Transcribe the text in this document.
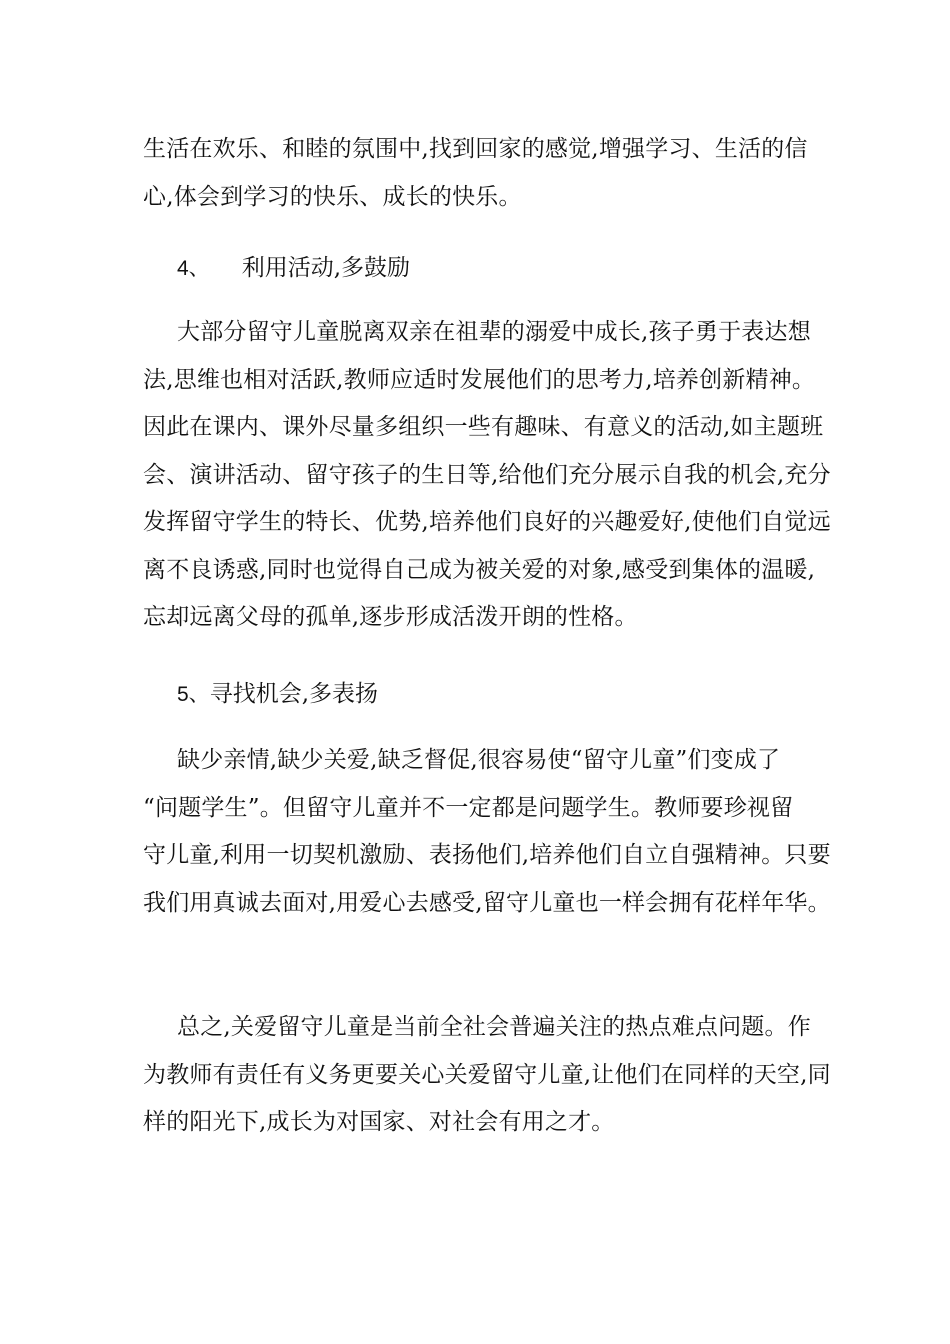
生活在欢乐、和睦的氛围中,找到回家的感觉,增强学习、生活的信
心,体会到学习的快乐、成长的快乐。

4、 利用活动,多鼓励

大部分留守儿童脱离双亲在祖辈的溺爱中成长,孩子勇于表达想
法,思维也相对活跃,教师应适时发展他们的思考力,培养创新精神。
因此在课内、课外尽量多组织一些有趣味、有意义的活动,如主题班
会、演讲活动、留守孩子的生日等,给他们充分展示自我的机会,充分
发挥留守学生的特长、优势,培养他们良好的兴趣爱好,使他们自觉远
离不良诱惑,同时也觉得自己成为被关爱的对象,感受到集体的温暖,
忘却远离父母的孤单,逐步形成活泼开朗的性格。

5、寻找机会,多表扬

缺少亲情,缺少关爱,缺乏督促,很容易使“留守儿童”们变成了
“问题学生”。但留守儿童并不一定都是问题学生。教师要珍视留
守儿童,利用一切契机激励、表扬他们,培养他们自立自强精神。只要
我们用真诚去面对,用爱心去感受,留守儿童也一样会拥有花样年华。

总之,关爱留守儿童是当前全社会普遍关注的热点难点问题。作
为教师有责任有义务更要关心关爱留守儿童,让他们在同样的天空,同
样的阳光下,成长为对国家、对社会有用之才。
